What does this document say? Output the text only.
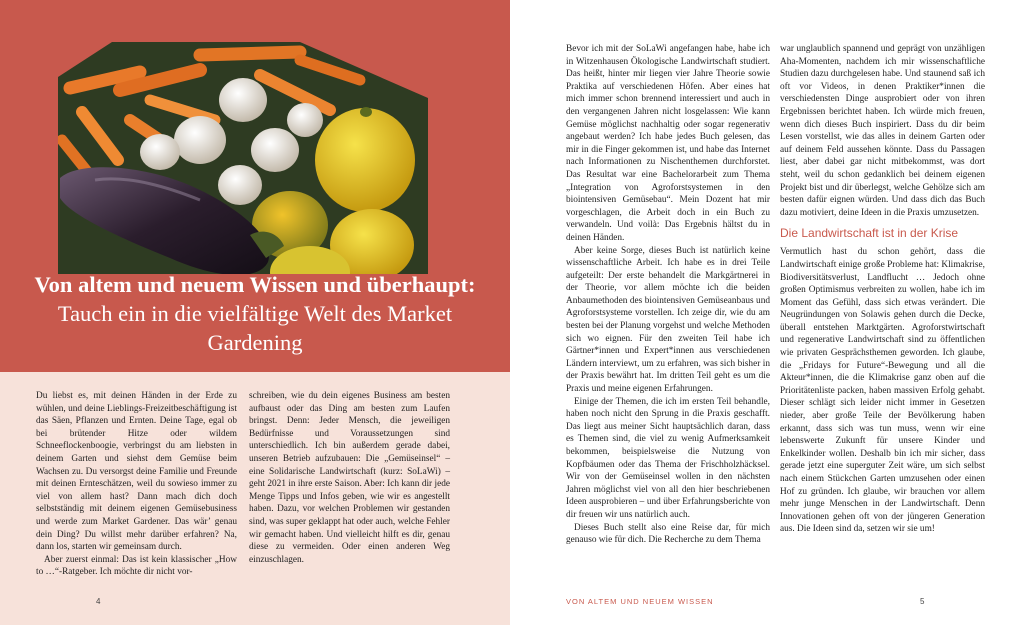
Von altem und neuem Wissen und überhaupt: Tauch ein in die vielfältige Welt des Market Gardening

Du liebst es, mit deinen Händen in der Erde zu wühlen, und deine Lieblings-Freizeitbeschäftigung ist das Säen, Pflanzen und Ernten. Deine Tage, egal ob bei brütender Hitze oder wildem Schneeflockenboogie, verbringst du am liebsten in deinem Garten und siehst dem Gemüse beim Wachsen zu. Du versorgst deine Familie und Freunde mit deinen Ernteschätzen, weil du sowieso immer zu viel von allem hast? Dann mach dich doch selbstständig mit deinem eigenen Gemüsebusiness und werde zum Market Gardener. Das wär’ genau dein Ding? Du willst mehr darüber erfahren? Na, dann los, starten wir gemeinsam durch.

Aber zuerst einmal: Das ist kein klassischer „How to …“-Ratgeber. Ich möchte dir nicht vor-

schreiben, wie du dein eigenes Business am besten aufbaust oder das Ding am besten zum Laufen bringst. Denn: Jeder Mensch, die jeweiligen Bedürfnisse und Voraussetzungen sind unterschiedlich. Ich bin außerdem gerade dabei, unseren Betrieb aufzubauen: Die „Gemüseinsel“ – eine Solidarische Landwirtschaft (kurz: SoLaWi) – geht 2021 in ihre erste Saison. Aber: Ich kann dir jede Menge Tipps und Infos geben, wie wir es angestellt haben. Dazu, vor welchen Problemen wir gestanden sind, was super geklappt hat oder auch, welche Fehler wir gemacht haben. Und vielleicht hilft es dir, genau diese zu vermeiden. Oder einen anderen Weg einzuschlagen.

4

Bevor ich mit der SoLaWi angefangen habe, habe ich in Witzenhausen Ökologische Landwirtschaft studiert. Das heißt, hinter mir liegen vier Jahre Theorie sowie Praktika auf verschiedenen Höfen. Aber eines hat mich immer schon brennend interessiert und auch in den vergangenen Jahren nicht losgelassen: Wie kann Gemüse möglichst nachhaltig oder sogar regenerativ angebaut werden? Ich habe jedes Buch gelesen, das mir in die Finger gekommen ist, und habe das Internet nach Informationen zu Nischenthemen durchforstet. Das Resultat war eine Bachelorarbeit zum Thema „Integration von Agroforstsystemen in den biointensiven Gemüsebau“. Mein Dozent hat mir vorgeschlagen, die Arbeit doch in ein Buch zu verwandeln. Und voilà: Das Ergebnis hältst du in deinen Händen.

Aber keine Sorge, dieses Buch ist natürlich keine wissenschaftliche Arbeit. Ich habe es in drei Teile aufgeteilt: Der erste behandelt die Markgärtnerei in der Theorie, vor allem möchte ich die beiden Anbaumethoden des biointensiven Gemüseanbaus und Agroforstsysteme vorstellen. Ich zeige dir, wie du am besten bei der Planung vorgehst und welche Methoden sich wo eignen. Für den zweiten Teil habe ich Gärtner*innen und Expert*innen aus verschiedenen Ländern interviewt, um zu erfahren, was sich bisher in der Praxis bewährt hat. Im dritten Teil geht es um die Praxis und meine eigenen Erfahrungen.

Einige der Themen, die ich im ersten Teil behandle, haben noch nicht den Sprung in die Praxis geschafft. Das liegt aus meiner Sicht hauptsächlich daran, dass es Themen sind, die viel zu wenig Aufmerksamkeit bekommen, beispielsweise die Nutzung von Kopfbäumen oder das Thema der Frischholzhäcksel. Wir von der Gemüseinsel wollen in den nächsten Jahren möglichst viel von all den hier beschriebenen Ideen ausprobieren – und über Erfahrungsberichte von dir freuen wir uns natürlich auch.

Dieses Buch stellt also eine Reise dar, für mich genauso wie für dich. Die Recherche zu dem Thema

war unglaublich spannend und geprägt von unzähligen Aha-Momenten, nachdem ich mir wissenschaftliche Studien dazu durchgelesen habe. Und staunend saß ich oft vor Videos, in denen Praktiker*innen die verschiedensten Dinge ausprobiert oder von ihren Ergebnissen berichtet haben. Ich würde mich freuen, wenn dich dieses Buch inspiriert. Dass du dir beim Lesen vorstellst, wie das alles in deinem Garten oder auf deinem Feld aussehen könnte. Dass du Passagen liest, aber dabei gar nicht mitbekommst, was dort steht, weil du schon gedanklich bei deinem eigenen Projekt bist und dir überlegst, welche Gehölze sich am besten dafür eignen würden. Und dass dich das Buch dazu motiviert, deine Ideen in die Praxis umzusetzen.

Die Landwirtschaft ist in der Krise

Vermutlich hast du schon gehört, dass die Landwirtschaft einige große Probleme hat: Klimakrise, Biodiversitätsverlust, Landflucht … Jedoch ohne großen Optimismus verbreiten zu wollen, habe ich im Moment das Gefühl, dass sich etwas verändert. Die Neugründungen von Solawis gehen durch die Decke, überall entstehen Marktgärten. Agroforstwirtschaft und regenerative Landwirtschaft sind zu öffentlichen wie privaten Gesprächsthemen geworden. Ich glaube, die „Fridays for Future“-Bewegung und all die Akteur*innen, die die Klimakrise ganz oben auf die Prioritätenliste packen, haben massiven Erfolg gehabt. Dieser schlägt sich leider nicht immer in Gesetzen nieder, aber große Teile der Bevölkerung haben erkannt, dass sich was tun muss, wenn wir eine lebenswerte Zukunft für unsere Kinder und Enkelkinder wollen. Deshalb bin ich mir sicher, dass gerade jetzt eine superguter Zeit wäre, um sich selbst nach einem Stückchen Garten umzusehen oder einen Hof zu gründen. Ich glaube, wir brauchen vor allem mehr junge Menschen in der Landwirtschaft. Denn Innovationen gehen oft von der jüngeren Generation aus. Die Ideen sind da, setzen wir sie um!

5
VON ALTEM UND NEUEM WISSEN
